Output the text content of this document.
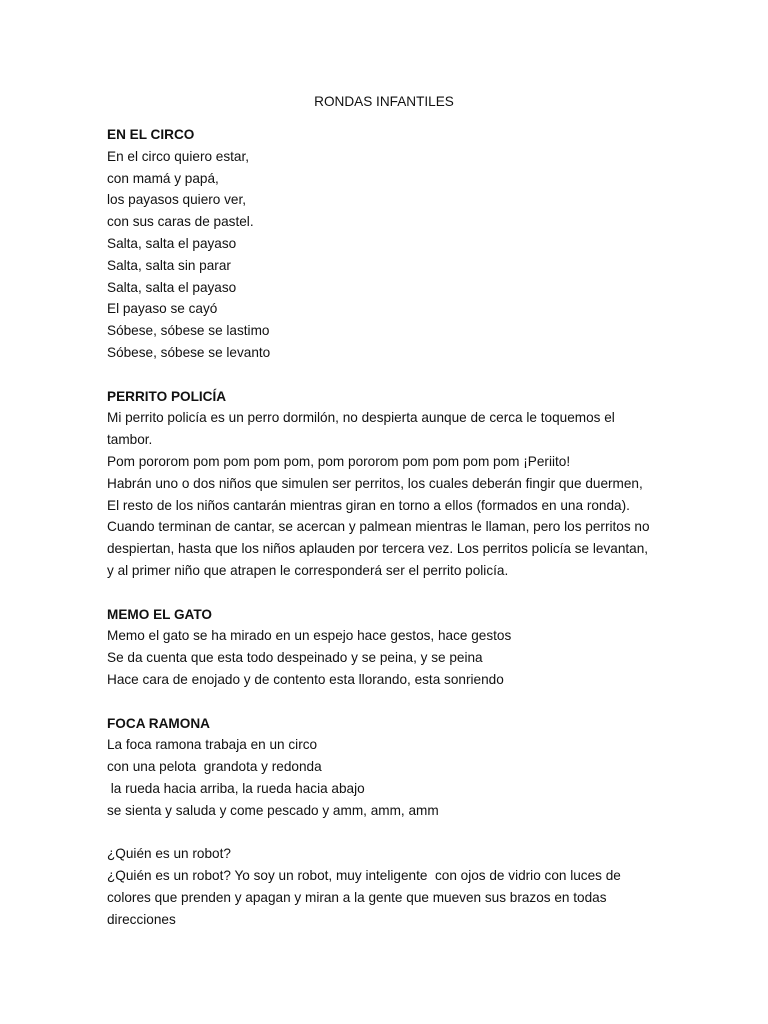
RONDAS INFANTILES
EN EL CIRCO
En el circo quiero estar,
con mamá y papá,
los payasos quiero ver,
con sus caras de pastel.
Salta, salta el payaso
Salta, salta sin parar
Salta, salta el payaso
El payaso se cayó
Sóbese, sóbese se lastimo
Sóbese, sóbese se levanto
PERRITO POLICÍA
Mi perrito policía es un perro dormilón, no despierta aunque de cerca le toquemos el
tambor.
Pom pororom pom pom pom pom, pom pororom pom pom pom pom ¡Periito!
Habrán uno o dos niños que simulen ser perritos, los cuales deberán fingir que duermen,
El resto de los niños cantarán mientras giran en torno a ellos (formados en una ronda).
Cuando terminan de cantar, se acercan y palmean mientras le llaman, pero los perritos no
despiertan, hasta que los niños aplauden por tercera vez. Los perritos policía se levantan,
y al primer niño que atrapen le corresponderá ser el perrito policía.
MEMO EL GATO
Memo el gato se ha mirado en un espejo hace gestos, hace gestos
Se da cuenta que esta todo despeinado y se peina, y se peina
Hace cara de enojado y de contento esta llorando, esta sonriendo
FOCA RAMONA
La foca ramona trabaja en un circo
con una pelota  grandota y redonda
la rueda hacia arriba, la rueda hacia abajo
se sienta y saluda y come pescado y amm, amm, amm
¿Quién es un robot?
¿Quién es un robot? Yo soy un robot, muy inteligente  con ojos de vidrio con luces de
colores que prenden y apagan y miran a la gente que mueven sus brazos en todas
direcciones
